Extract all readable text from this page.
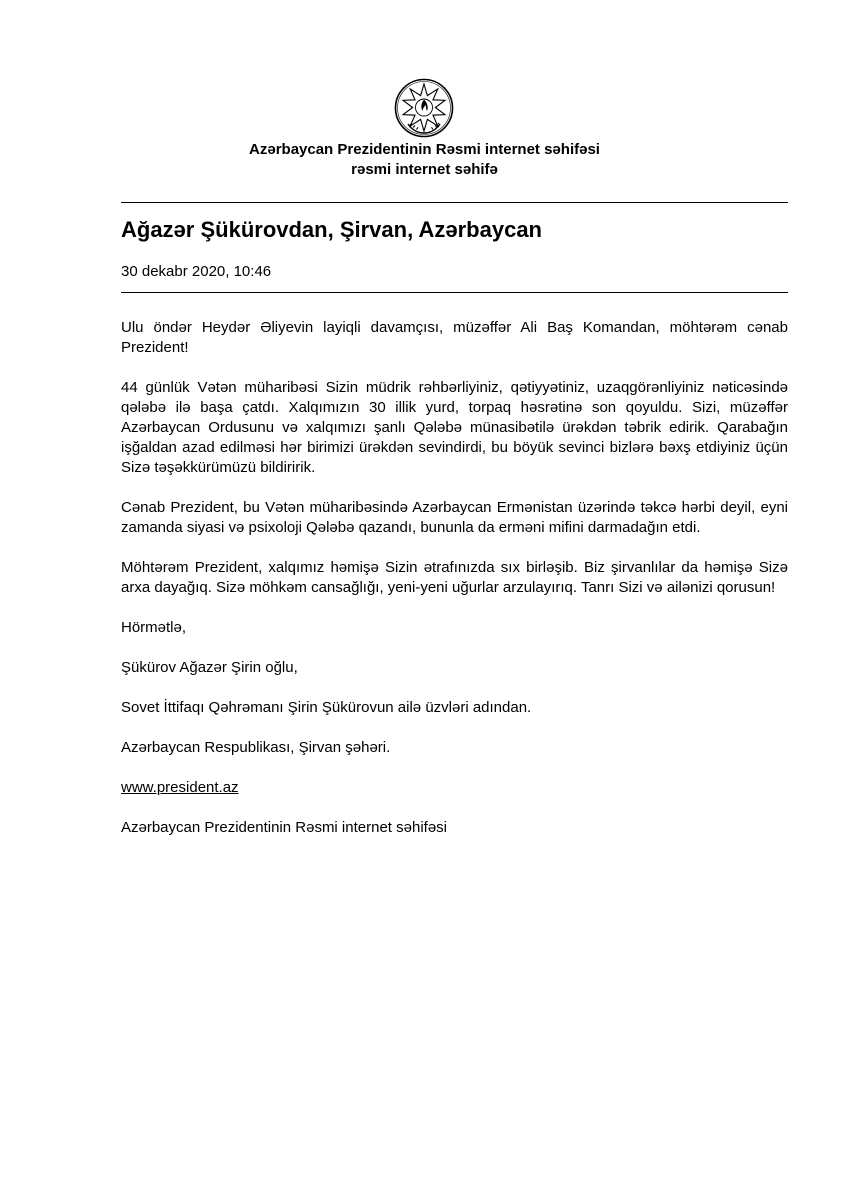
Azərbaycan Prezidentinin Rəsmi internet səhifəsi
rəsmi internet səhifə
Ağazər Şükürovdan, Şirvan, Azərbaycan
30 dekabr 2020, 10:46

Ulu öndər Heydər Əliyevin layiqli davamçısı, müzəffər Ali Baş Komandan, möhtərəm cənab Prezident!

44 günlük Vətən müharibəsi Sizin müdrik rəhbərliyiniz, qətiyyətiniz, uzaqgörənliyiniz nəticəsində qələbə ilə başa çatdı. Xalqımızın 30 illik yurd, torpaq həsrətinə son qoyuldu. Sizi, müzəffər Azərbaycan Ordusunu və xalqımızı şanlı Qələbə münasibətilə ürəkdən təbrik edirik. Qarabağın işğaldan azad edilməsi hər birimizi ürəkdən sevindirdi, bu böyük sevinci bizlərə bəxş etdiyiniz üçün Sizə təşəkkürümüzü bildiririk.

Cənab Prezident, bu Vətən müharibəsində Azərbaycan Ermənistan üzərində təkcə hərbi deyil, eyni zamanda siyasi və psixoloji Qələbə qazandı, bununla da erməni mifini darmadağın etdi.

Möhtərəm Prezident, xalqımız həmişə Sizin ətrafınızda sıx birləşib. Biz şirvanlılar da həmişə Sizə arxa dayağıq. Sizə möhkəm cansağlığı, yeni-yeni uğurlar arzulayırıq. Tanrı Sizi və ailənizi qorusun!

Hörmətlə,

Şükürov Ağazər Şirin oğlu,

Sovet İttifaqı Qəhrəmanı Şirin Şükürovun ailə üzvləri adından.

Azərbaycan Respublikası, Şirvan şəhəri.

www.president.az

Azərbaycan Prezidentinin Rəsmi internet səhifəsi
